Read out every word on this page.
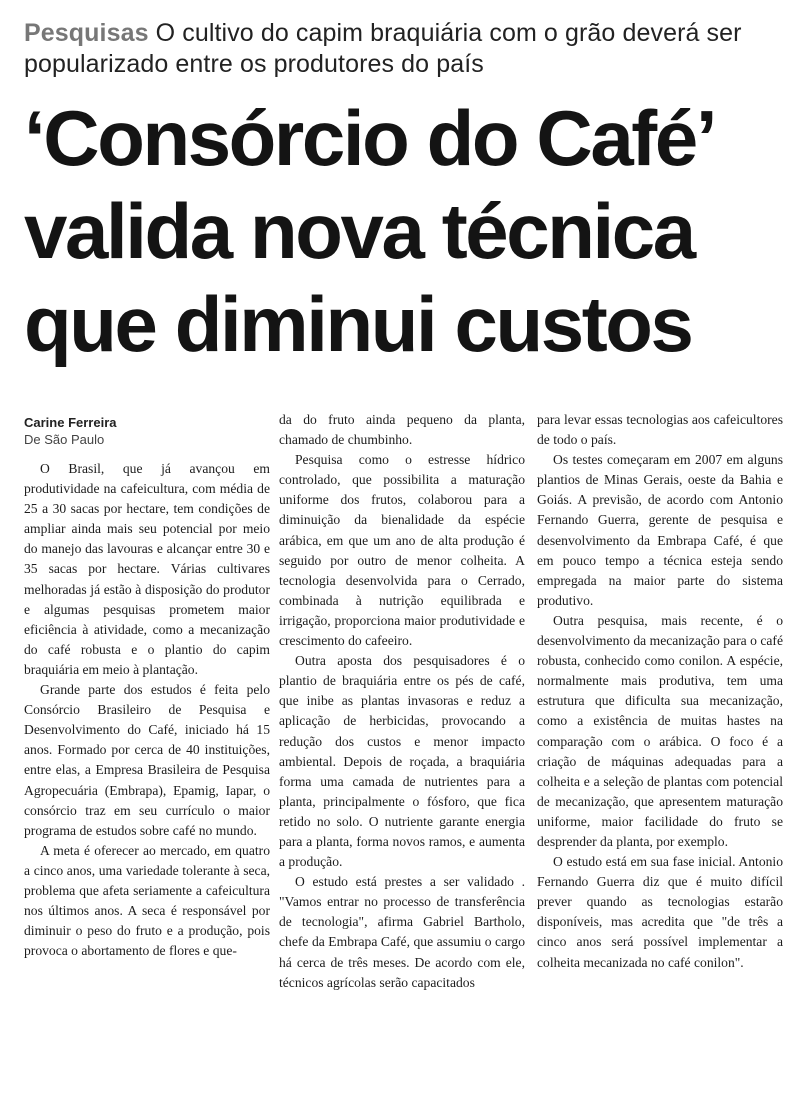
Pesquisas O cultivo do capim braquiária com o grão deverá ser popularizado entre os produtores do país
‘Consórcio do Café’
valida nova técnica
que diminui custos
Carine Ferreira
De São Paulo

O Brasil, que já avançou em produtividade na cafeicultura, com média de 25 a 30 sacas por hectare, tem condições de ampliar ainda mais seu potencial por meio do manejo das lavouras e alcançar entre 30 e 35 sacas por hectare. Várias cultivares melhoradas já estão à disposição do produtor e algumas pesquisas prometem maior eficiência à atividade, como a mecanização do café robusta e o plantio do capim braquiária em meio à plantação.

Grande parte dos estudos é feita pelo Consórcio Brasileiro de Pesquisa e Desenvolvimento do Café, iniciado há 15 anos. Formado por cerca de 40 instituições, entre elas, a Empresa Brasileira de Pesquisa Agropecuária (Embrapa), Epamig, Iapar, o consórcio traz em seu currículo o maior programa de estudos sobre café no mundo.

A meta é oferecer ao mercado, em quatro a cinco anos, uma variedade tolerante à seca, problema que afeta seriamente a cafeicultura nos últimos anos. A seca é responsável por diminuir o peso do fruto e a produção, pois provoca o abortamento de flores e que-

da do fruto ainda pequeno da planta, chamado de chumbinho.

Pesquisa como o estresse hídrico controlado, que possibilita a maturação uniforme dos frutos, colaborou para a diminuição da bienalidade da espécie arábica, em que um ano de alta produção é seguido por outro de menor colheita. A tecnologia desenvolvida para o Cerrado, combinada à nutrição equilibrada e irrigação, proporciona maior produtividade e crescimento do cafeeiro.

Outra aposta dos pesquisadores é o plantio de braquiária entre os pés de café, que inibe as plantas invasoras e reduz a aplicação de herbicidas, provocando a redução dos custos e menor impacto ambiental. Depois de roçada, a braquiária forma uma camada de nutrientes para a planta, principalmente o fósforo, que fica retido no solo. O nutriente garante energia para a planta, forma novos ramos, e aumenta a produção.

O estudo está prestes a ser validado . "Vamos entrar no processo de transferência de tecnologia", afirma Gabriel Bartholo, chefe da Embrapa Café, que assumiu o cargo há cerca de três meses. De acordo com ele, técnicos agrícolas serão capacitados

para levar essas tecnologias aos cafeicultores de todo o país.

Os testes começaram em 2007 em alguns plantios de Minas Gerais, oeste da Bahia e Goiás. A previsão, de acordo com Antonio Fernando Guerra, gerente de pesquisa e desenvolvimento da Embrapa Café, é que em pouco tempo a técnica esteja sendo empregada na maior parte do sistema produtivo.

Outra pesquisa, mais recente, é o desenvolvimento da mecanização para o café robusta, conhecido como conilon. A espécie, normalmente mais produtiva, tem uma estrutura que dificulta sua mecanização, como a existência de muitas hastes na comparação com o arábica. O foco é a criação de máquinas adequadas para a colheita e a seleção de plantas com potencial de mecanização, que apresentem maturação uniforme, maior facilidade do fruto se desprender da planta, por exemplo.

O estudo está em sua fase inicial. Antonio Fernando Guerra diz que é muito difícil prever quando as tecnologias estarão disponíveis, mas acredita que "de três a cinco anos será possível implementar a colheita mecanizada no café conilon".
